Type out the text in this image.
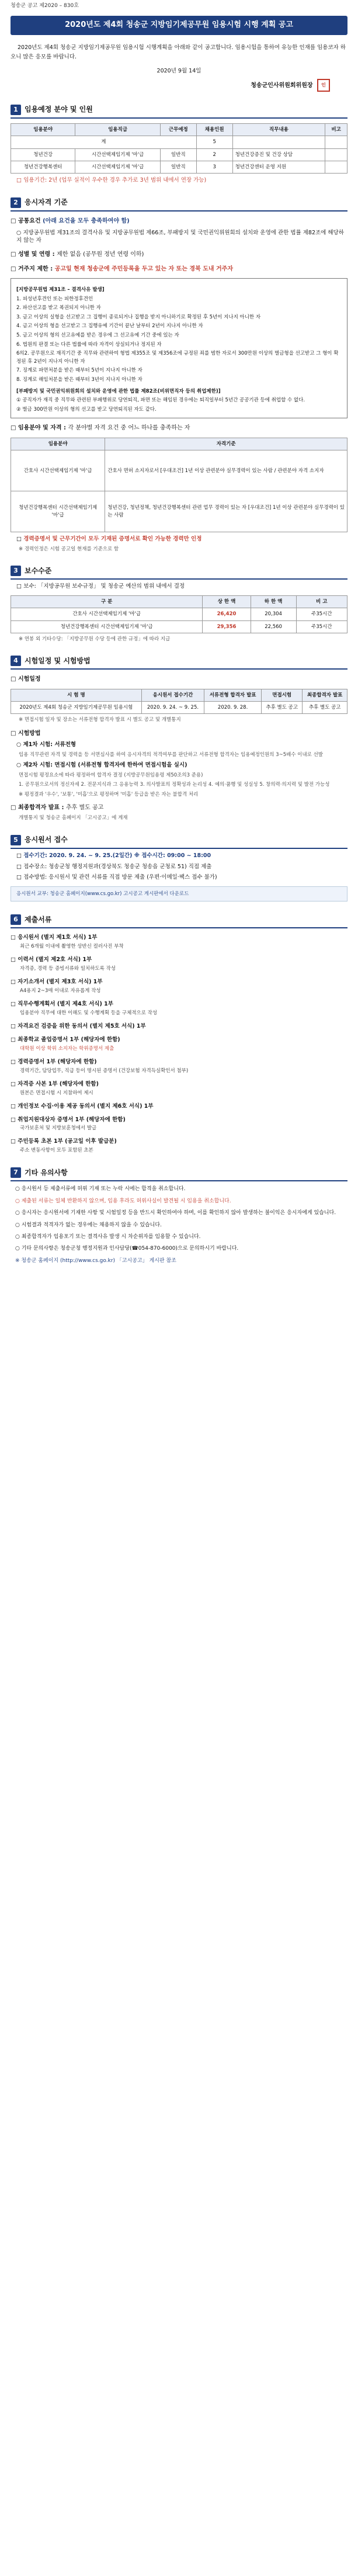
청송군 공고 제2020 – 830호
2020년도 제4회 청송군 지방임기제공무원 임용시험 시행 계획 공고
2020년도 제4회 청송군 지방임기제공무원 임용시험 시행계획을 아래와 같이 공고합니다. 임용시험을 통하여 유능한 인재를 임용코자 하오니 많은 응모를 바랍니다.
2020년 9월 14일
청송군인사위원회위원장 인
1 임용예정 분야 및 인원
임용분야	임용직급	근무예정	채용인원	직무내용	비고
계			5		
청년건강	시간선택제임기제 '마'급	일반직	2	청년건강증진 및 건강 상담	
청년건강행복센터	시간선택제임기제 '마'급	일반직	3	청년건강센터 운영 지원	
□ 임용기간: 2년 (업무 실적이 우수한 경우 추가로 3년 범위 내에서 연장 가능)
2 응시자격 기준
□ 공통요건 (아래 요건을 모두 충족하여야 함)
○ 지방공무원법 제31조의 결격사유 및 지방공무원법 제66조, 부패방지 및 국민권익위원회의 설치와 운영에 관한 법률 제82조에 해당하지 않는 자
□ 성별 및 연령 : 제한 없음 (공무원 정년 연령 이하)
□ 거주지 제한 : 공고일 현재 청송군에 주민등록을 두고 있는 자 또는 경북 도내 거주자
[지방공무원법 제31조 – 결격사유 발생]

1. 피성년후견인 또는 피한정후견인

2. 파산선고를 받고 복권되지 아니한 자

3. 금고 이상의 실형을 선고받고 그 집행이 종료되거나 집행을 받지 아니하기로 확정된 후 5년이 지나지 아니한 자

4. 금고 이상의 형을 선고받고 그 집행유예 기간이 끝난 날부터 2년이 지나지 아니한 자

5. 금고 이상의 형의 선고유예를 받은 경우에 그 선고유예 기간 중에 있는 자

6. 법원의 판결 또는 다른 법률에 따라 자격이 상실되거나 정지된 자

6의2. 공무원으로 재직기간 중 직무와 관련하여 형법 제355조 및 제356조에 규정된 죄를 범한 자로서 300만원 이상의 벌금형을 선고받고 그 형이 확정된 후 2년이 지나지 아니한 자

7. 징계로 파면처분을 받은 때부터 5년이 지나지 아니한 자

8. 징계로 해임처분을 받은 때부터 3년이 지나지 아니한 자

[부패방지 및 국민권익위원회의 설치와 운영에 관한 법률 제82조(비위면직자 등의 취업제한)]

① 공직자가 재직 중 직무와 관련된 부패행위로 당연퇴직, 파면 또는 해임된 경우에는 퇴직일부터 5년간 공공기관 등에 취업할 수 없다.

② 벌금 300만원 이상의 형의 선고를 받고 당연퇴직된 자도 같다.

□ 임용분야 및 자격 : 각 분야별 자격 요건 중 어느 하나를 충족하는 자
임용분야	자격기준
간호사 시간선택제임기제 '마'급	간호사 면허 소지자로서 [우대조건] 1년 이상 관련분야 실무경력이 있는 사람 / 관련분야 자격 소지자
청년건강행복센터 시간선택제임기제 '마'급	청년건강, 청년정책, 청년건강행복센터 관련 업무 경력이 있는 자 [우대조건] 1년 이상 관련분야 실무경력이 있는 사람
□ 경력증명서 및 근무기간이 모두 기재된 증명서로 확인 가능한 경력만 인정
※ 경력인정은 시험 공고일 현재를 기준으로 함
3 보수수준
□ 보수: 「지방공무원 보수규정」 및 청송군 예산의 범위 내에서 결정
구 분	상 한 액	하 한 액	비 고
간호사 시간선택제임기제 '마'급	26,420	20,304	주35시간
청년건강행복센터 시간선택제임기제 '마'급	29,356	22,560	주35시간
※ 연봉 외 기타수당: 「지방공무원 수당 등에 관한 규정」에 따라 지급
4 시험일정 및 시험방법
□ 시험일정
시 험 명	응시원서 접수기간	서류전형 합격자 발표	면접시험	최종합격자 발표
2020년도 제4회 청송군 지방임기제공무원 임용시험	2020. 9. 24. ~ 9. 25.	2020. 9. 28.	추후 별도 공고	추후 별도 공고
※ 면접시험 일자 및 장소는 서류전형 합격자 발표 시 별도 공고 및 개별통지
□ 시험방법
○ 제1차 시험: 서류전형
임용 직무관련 자격 및 경력을 등 서면심사를 하여 응시자격의 적격여부를 판단하고 서류전형 합격자는 임용예정인원의 3~5배수 이내로 선발
○ 제2차 시험: 면접시험 (서류전형 합격자에 한하여 면접시험을 실시)
면접시험 평정요소에 따라 평정하여 합격자 결정 (지방공무원임용령 제50조의3 준용)
1. 공무원으로서의 정신자세 2. 전문지식과 그 응용능력 3. 의사발표의 정확성과 논리성 4. 예의·품행 및 성실성 5. 창의력·의지력 및 발전 가능성
※ 평정결과 '우수', '보통', '미흡'으로 평정하며 '미흡' 등급을 받은 자는 불합격 처리
□ 최종합격자 발표 : 추후 별도 공고
개별통지 및 청송군 홈페이지 「고시공고」에 게재
5 응시원서 접수
□ 접수기간: 2020. 9. 24. ~ 9. 25.(2일간) ※ 접수시간: 09:00 ~ 18:00
□ 접수장소: 청송군청 행정지원과(경상북도 청송군 청송읍 군청로 51) 직접 제출
□ 접수방법: 응시원서 및 관련 서류를 직접 방문 제출 (우편·이메일·팩스 접수 불가)
응시원서 교부: 청송군 홈페이지(www.cs.go.kr) 고시공고 게시판에서 다운로드
6 제출서류
□ 응시원서 (별지 제1호 서식) 1부
최근 6개월 이내에 촬영한 상반신 컬러사진 부착
□ 이력서 (별지 제2호 서식) 1부
자격증, 경력 등 증빙서류와 일치하도록 작성
□ 자기소개서 (별지 제3호 서식) 1부
A4용지 2~3매 이내로 자유롭게 작성
□ 직무수행계획서 (별지 제4호 서식) 1부
임용분야 직무에 대한 이해도 및 수행계획 등을 구체적으로 작성
□ 자격요건 검증을 위한 동의서 (별지 제5호 서식) 1부
□ 최종학교 졸업증명서 1부 (해당자에 한함)
대학원 이상 학위 소지자는 학위증명서 제출
□ 경력증명서 1부 (해당자에 한함)
경력기간, 담당업무, 직급 등이 명시된 증명서 (건강보험 자격득실확인서 첨부)
□ 자격증 사본 1부 (해당자에 한함)
원본은 면접시험 시 지참하여 제시
□ 개인정보 수집·이용 제공 동의서 (별지 제6호 서식) 1부
□ 취업지원대상자 증명서 1부 (해당자에 한함)
국가보훈처 및 지방보훈청에서 발급
□ 주민등록 초본 1부 (공고일 이후 발급분)
주소 변동사항이 모두 포함된 초본
7 기타 유의사항
○ 응시원서 등 제출서류에 허위 기재 또는 누락 시에는 합격을 취소합니다.
○ 제출된 서류는 일체 반환하지 않으며, 임용 후라도 허위사실이 발견될 시 임용을 취소합니다.
○ 응시자는 응시원서에 기재한 사항 및 시험일정 등을 반드시 확인하여야 하며, 이를 확인하지 않아 발생하는 불이익은 응시자에게 있습니다.
○ 시험결과 적격자가 없는 경우에는 채용하지 않을 수 있습니다.
○ 최종합격자가 임용포기 또는 결격사유 발생 시 차순위자를 임용할 수 있습니다.
○ 기타 문의사항은 청송군청 행정지원과 인사담당(☎054-870-6000)으로 문의하시기 바랍니다.
※ 청송군 홈페이지 (http://www.cs.go.kr) 「고시공고」 게시판 참조
